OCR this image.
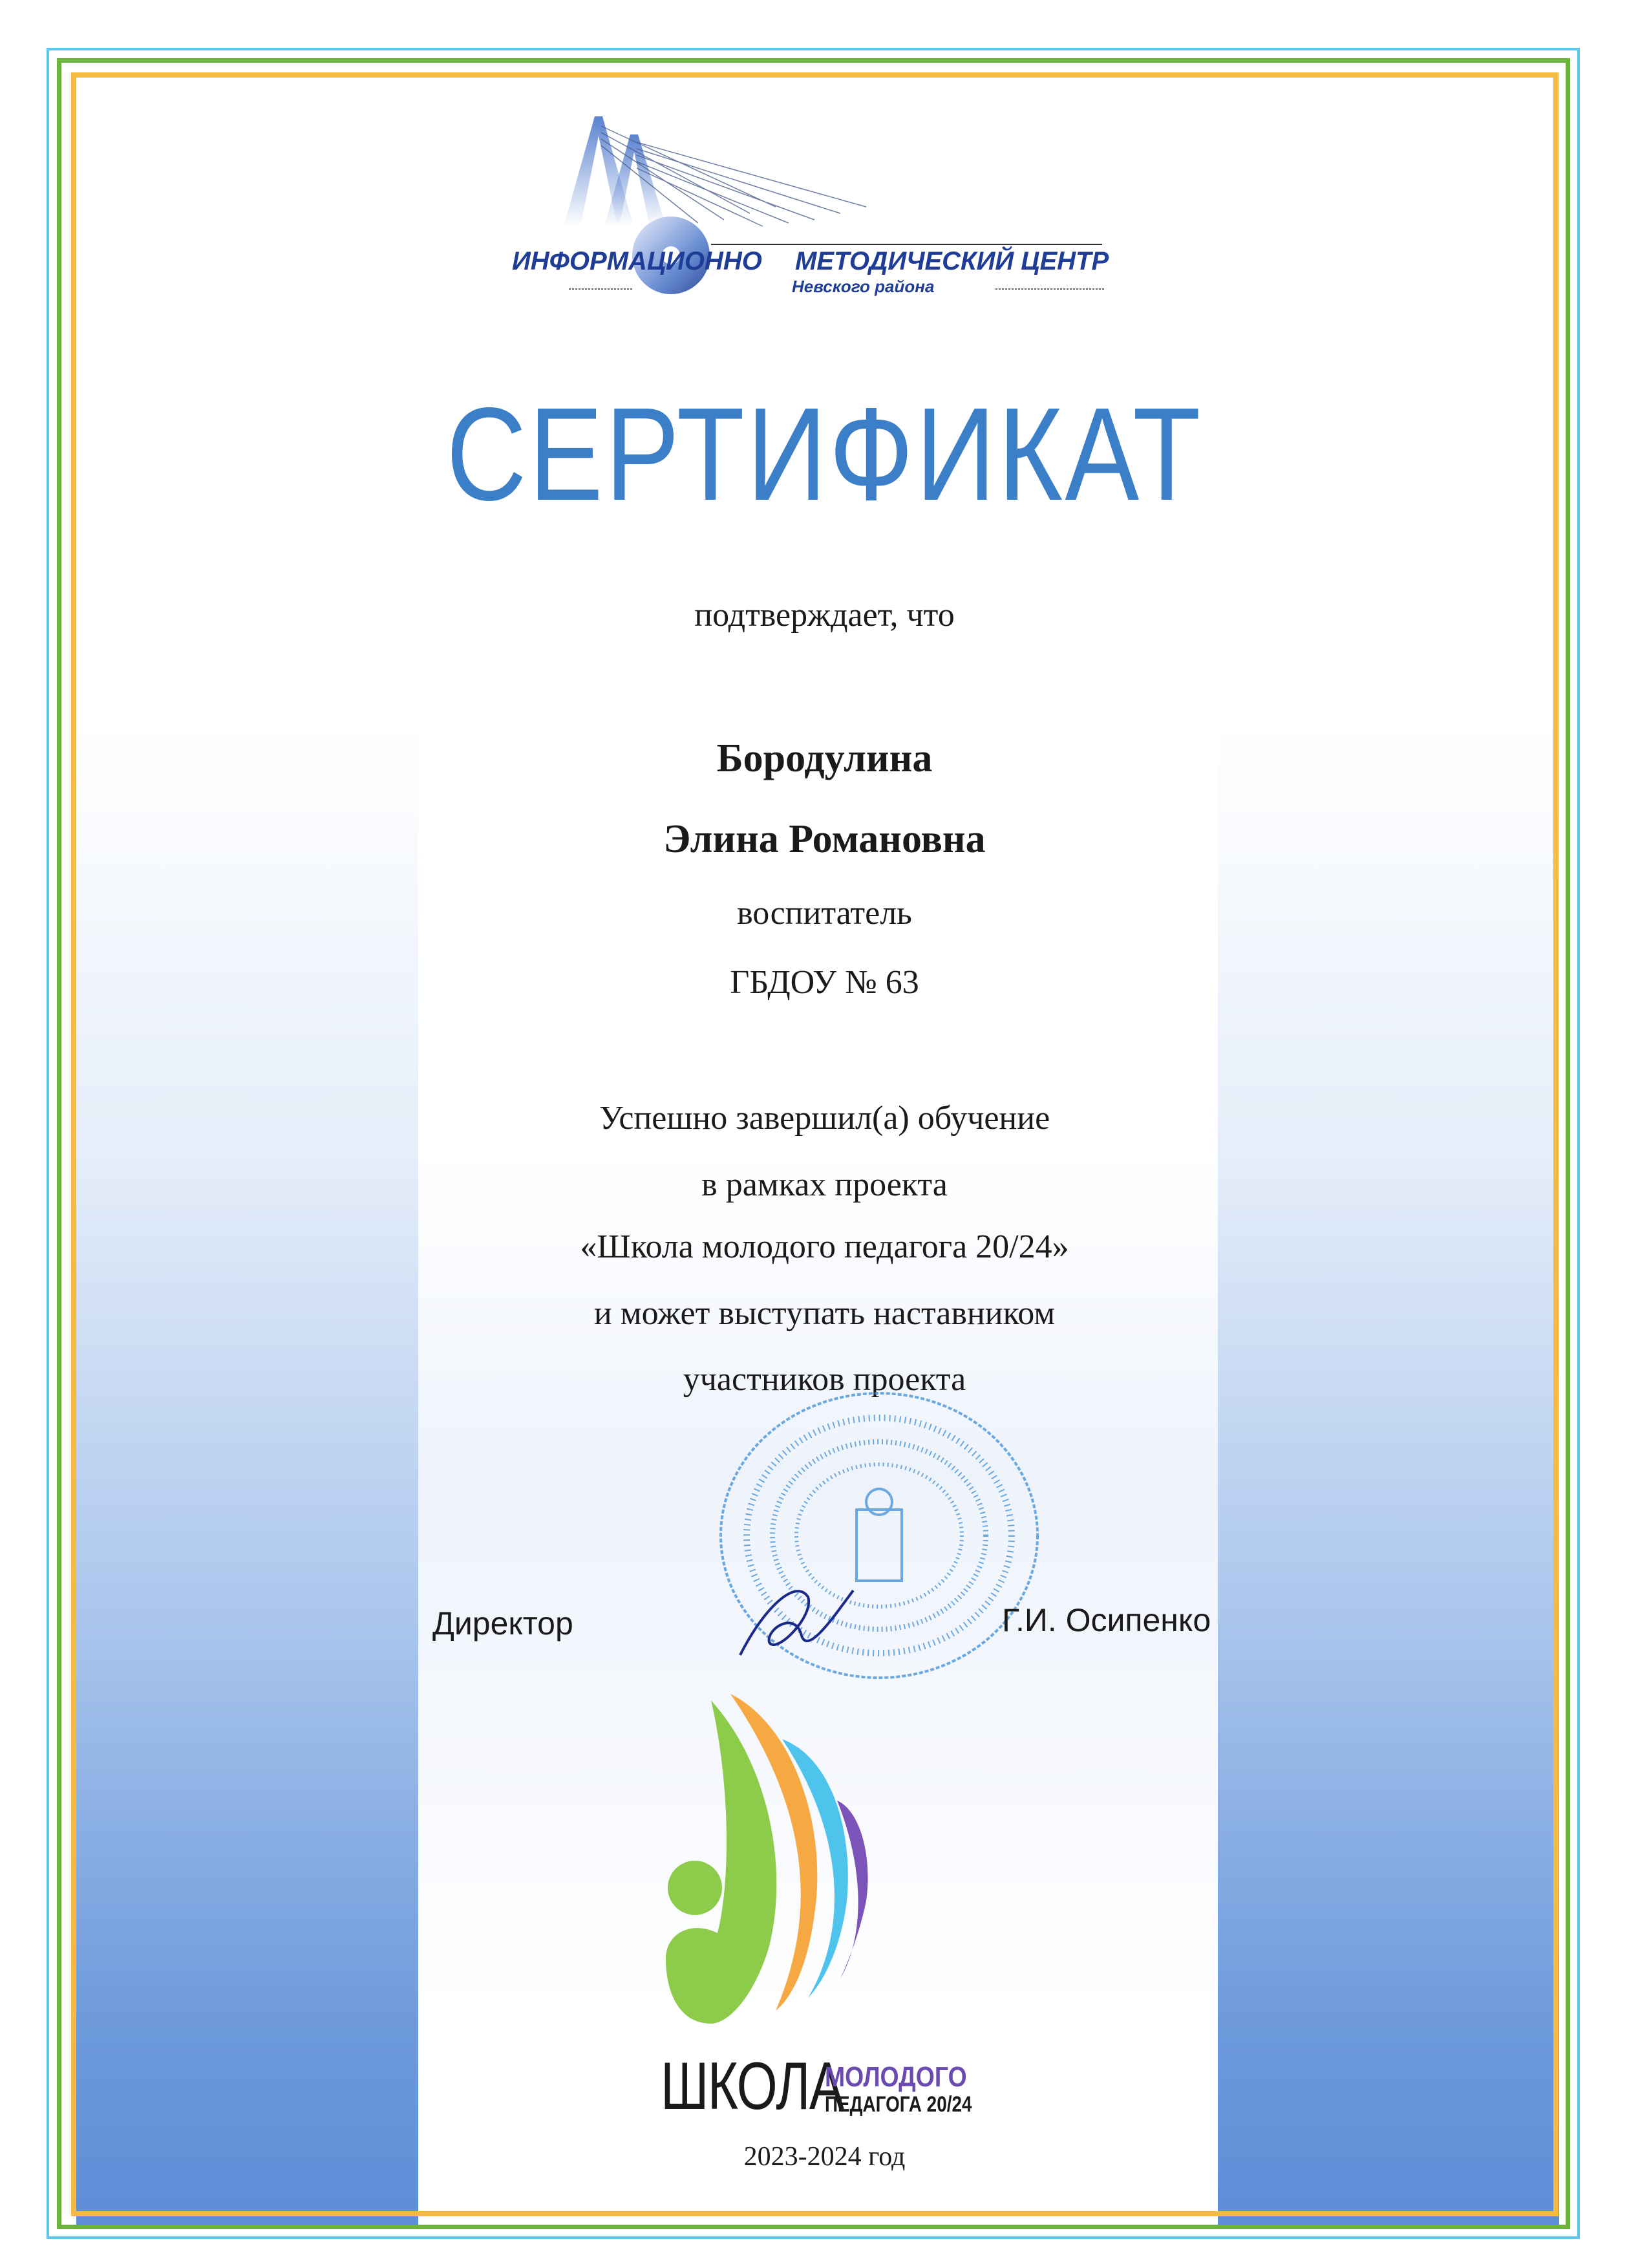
ИНФОРМАЦИОННО МЕТОДИЧЕСКИЙ ЦЕНТР
Невского района
СЕРТИФИКАТ
подтверждает, что
Бородулина
Элина Романовна
воспитатель
ГБДОУ № 63
Успешно завершил(а) обучение
в рамках проекта
«Школа молодого педагога 20/24»
и может выступать наставником
участников проекта
Директор	Г.И. Осипенко
ШКОЛА
МОЛОДОГО
ПЕДАГОГА 20/24
2023-2024 год
